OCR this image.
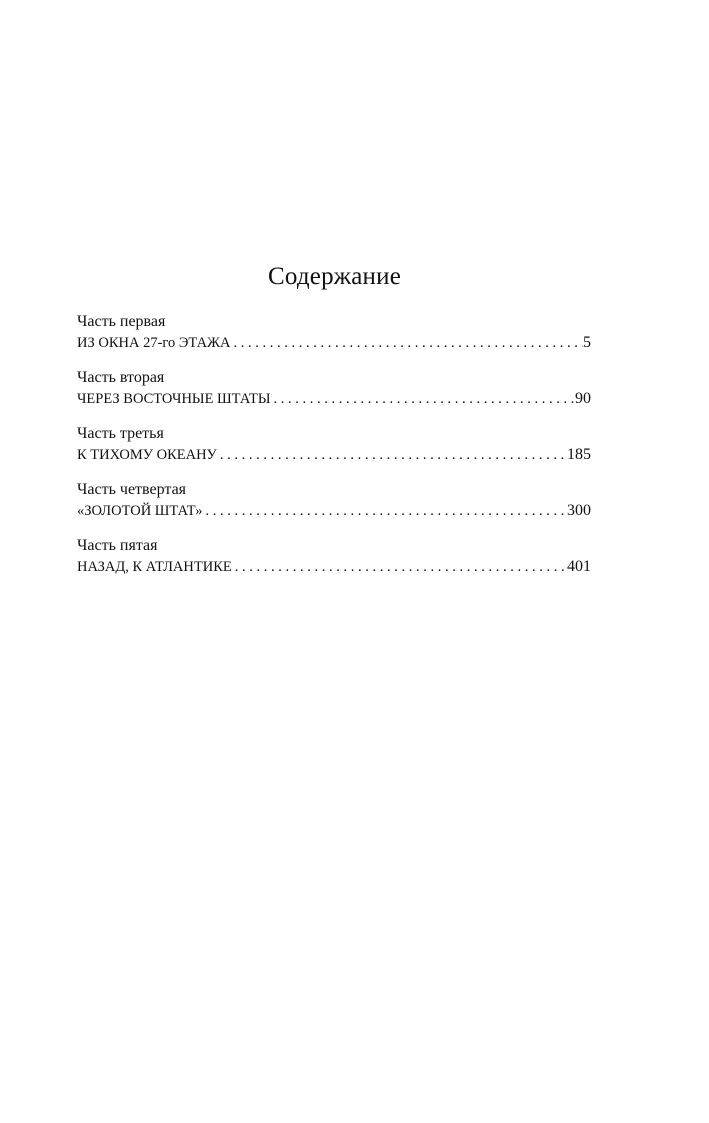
Содержание
Часть первая
ИЗ ОКНА 27-го ЭТАЖА . . .	5
Часть вторая
ЧЕРЕЗ ВОСТОЧНЫЕ ШТАТЫ . . .	90
Часть третья
К ТИХОМУ ОКЕАНУ . . .	185
Часть четвертая
«ЗОЛОТОЙ ШТАТ» . . .	300
Часть пятая
НАЗАД, К АТЛАНТИКЕ . . .	401
